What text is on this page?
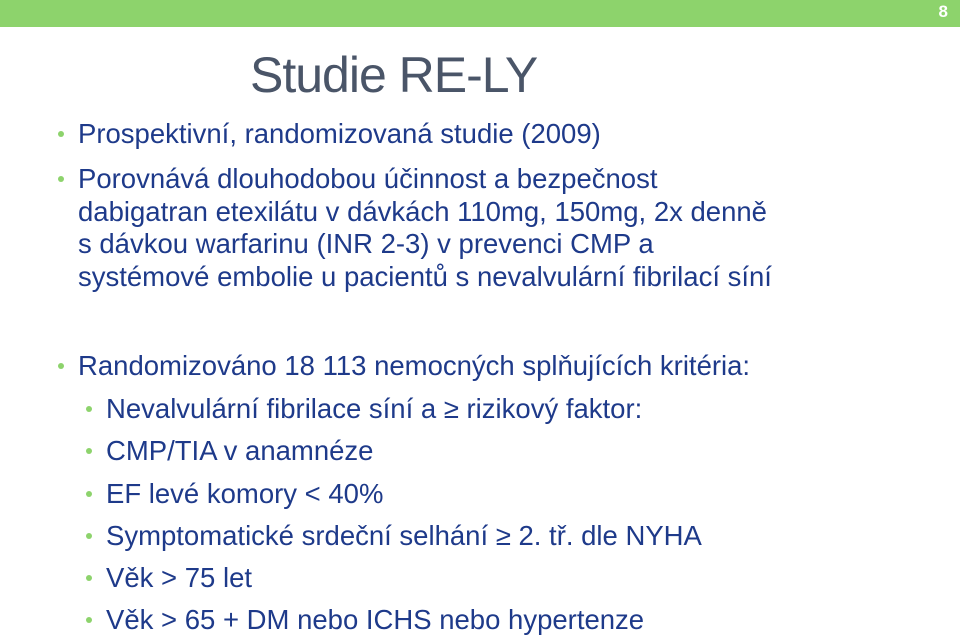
8
Studie RE-LY
Prospektivní, randomizovaná studie (2009)
Porovnává dlouhodobou účinnost a bezpečnost
dabigatran etexilátu v dávkách 110mg, 150mg, 2x denně
s dávkou warfarinu (INR 2-3) v prevenci CMP a
systémové embolie u pacientů s nevalvulární fibrilací síní
Randomizováno 18 113 nemocných splňujících kritéria:
Nevalvulární fibrilace síní a ≥ rizikový faktor:
CMP/TIA v anamnéze
EF levé komory < 40%
Symptomatické srdeční selhání ≥ 2. tř. dle NYHA
Věk > 75 let
Věk > 65 + DM nebo ICHS nebo hypertenze
